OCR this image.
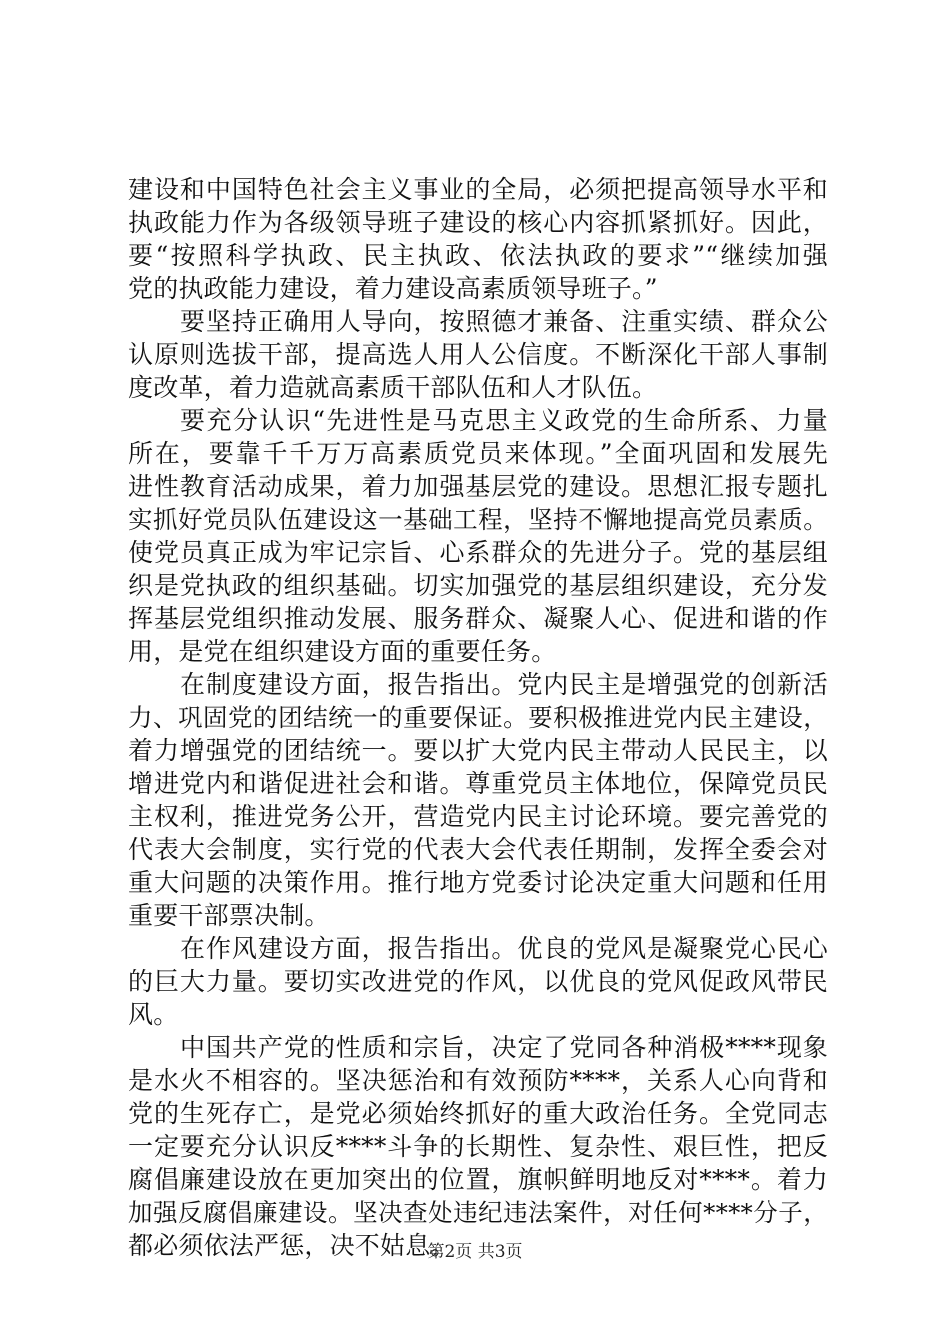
建设和中国特色社会主义事业的全局，必须把提高领导水平和
执政能力作为各级领导班子建设的核心内容抓紧抓好。因此，
要“按照科学执政、民主执政、依法执政的要求”“继续加强
党的执政能力建设，着力建设高素质领导班子。”
要坚持正确用人导向，按照德才兼备、注重实绩、群众公
认原则选拔干部，提高选人用人公信度。不断深化干部人事制
度改革，着力造就高素质干部队伍和人才队伍。
要充分认识“先进性是马克思主义政党的生命所系、力量
所在，要靠千千万万高素质党员来体现。”全面巩固和发展先
进性教育活动成果，着力加强基层党的建设。思想汇报专题扎
实抓好党员队伍建设这一基础工程，坚持不懈地提高党员素质。
使党员真正成为牢记宗旨、心系群众的先进分子。党的基层组
织是党执政的组织基础。切实加强党的基层组织建设，充分发
挥基层党组织推动发展、服务群众、凝聚人心、促进和谐的作
用，是党在组织建设方面的重要任务。
在制度建设方面，报告指出。党内民主是增强党的创新活
力、巩固党的团结统一的重要保证。要积极推进党内民主建设，
着力增强党的团结统一。要以扩大党内民主带动人民民主，以
增进党内和谐促进社会和谐。尊重党员主体地位，保障党员民
主权利，推进党务公开，营造党内民主讨论环境。要完善党的
代表大会制度，实行党的代表大会代表任期制，发挥全委会对
重大问题的决策作用。推行地方党委讨论决定重大问题和任用
重要干部票决制。
在作风建设方面，报告指出。优良的党风是凝聚党心民心
的巨大力量。要切实改进党的作风，以优良的党风促政风带民
风。
中国共产党的性质和宗旨，决定了党同各种消极****现象
是水火不相容的。坚决惩治和有效预防****，关系人心向背和
党的生死存亡，是党必须始终抓好的重大政治任务。全党同志
一定要充分认识反****斗争的长期性、复杂性、艰巨性，把反
腐倡廉建设放在更加突出的位置，旗帜鲜明地反对****。着力
加强反腐倡廉建设。坚决查处违纪违法案件，对任何****分子，
都必须依法严惩，决不姑息。
第2页 共3页
